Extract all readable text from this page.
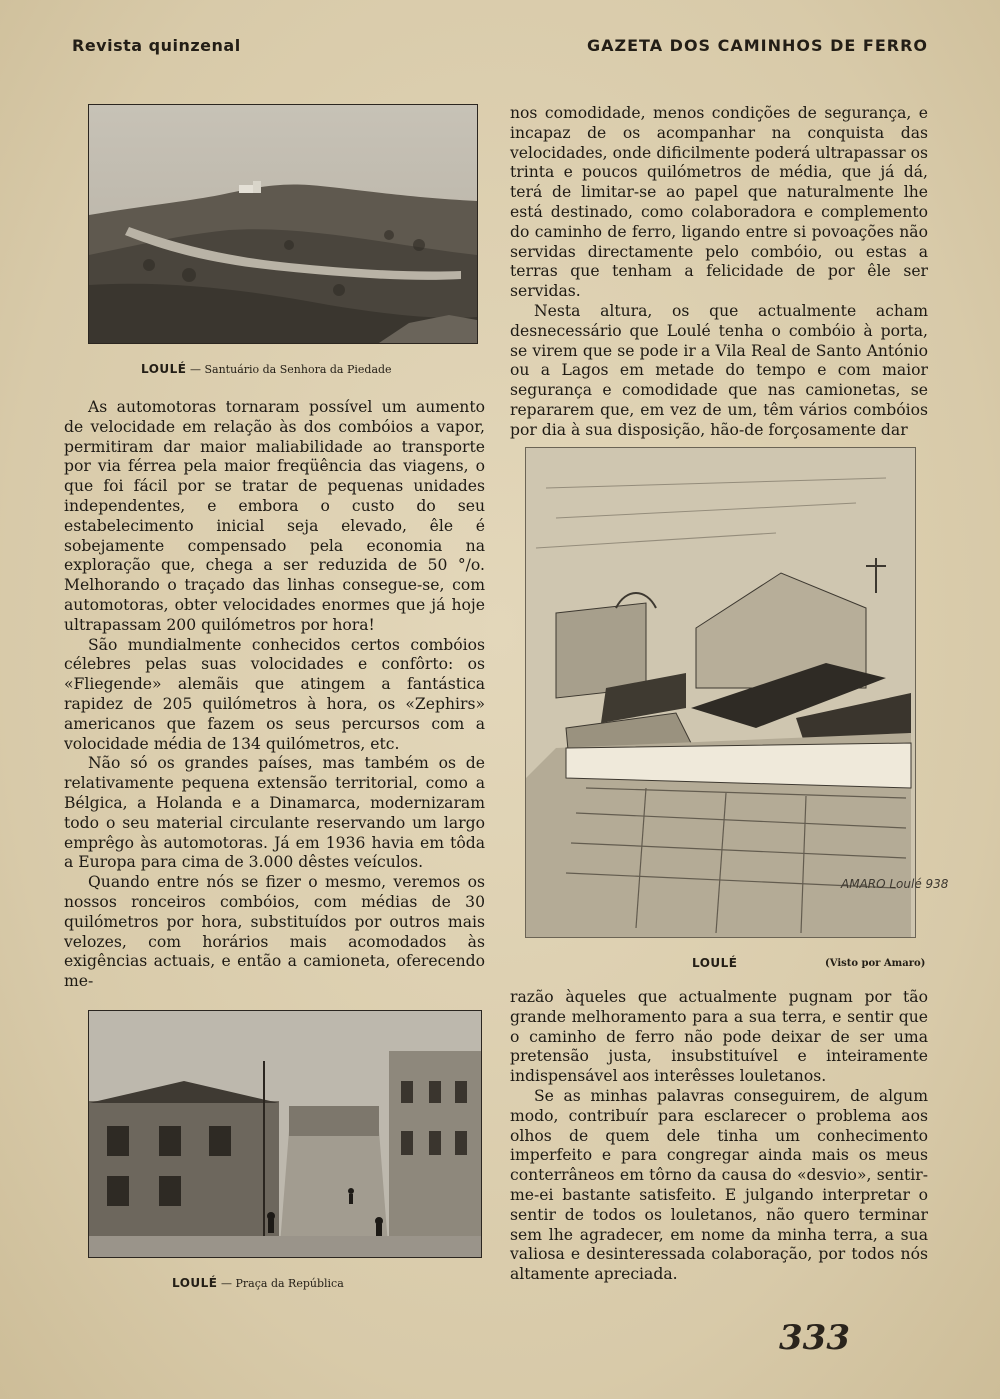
Revista quinzenal	GAZETA DOS CAMINHOS DE FERRO
LOULÉ — Santuário da Senhora da Piedade

As automotoras tornaram possível um aumento de velocidade em relação às dos combóios a vapor, permitiram dar maior maliabilidade ao transporte por via férrea pela maior freqüência das viagens, o que foi fácil por se tratar de pequenas unidades independentes, e embora o custo do seu estabelecimento inicial seja elevado, êle é sobejamente compensado pela economia na exploração que, chega a ser reduzida de 50 °/o. Melhorando o traçado das linhas consegue-se, com automotoras, obter velocidades enormes que já hoje ultrapassam 200 quilómetros por hora!

São mundialmente conhecidos certos combóios célebres pelas suas volocidades e confôrto: os «Fliegende» alemãis que atingem a fantástica rapidez de 205 quilómetros à hora, os «Zephirs» americanos que fazem os seus percursos com a volocidade média de 134 quilómetros, etc.

Não só os grandes países, mas também os de relativamente pequena extensão territorial, como a Bélgica, a Holanda e a Dinamarca, modernizaram todo o seu material circulante reservando um largo emprêgo às automotoras. Já em 1936 havia em tôda a Europa para cima de 3.000 dêstes veículos.

Quando entre nós se fizer o mesmo, veremos os nossos ronceiros combóios, com médias de 30 quilómetros por hora, substituídos por outros mais velozes, com horários mais acomodados às exigências actuais, e então a camioneta, oferecendo me-

LOULÉ — Praça da República

nos comodidade, menos condições de segurança, e incapaz de os acompanhar na conquista das velocidades, onde dificilmente poderá ultrapassar os trinta e poucos quilómetros de média, que já dá, terá de limitar-se ao papel que naturalmente lhe está destinado, como colaboradora e complemento do caminho de ferro, ligando entre si povoações não servidas directamente pelo combóio, ou estas a terras que tenham a felicidade de por êle ser servidas.

Nesta altura, os que actualmente acham desnecessário que Loulé tenha o combóio à porta, se virem que se pode ir a Vila Real de Santo António ou a Lagos em metade do tempo e com maior segurança e comodidade que nas camionetas, se repararem que, em vez de um, têm vários combóios por dia à sua disposição, hão-de forçosamente dar

AMARO Loulé 938
LOULÉ	(Visto por Amaro)

razão àqueles que actualmente pugnam por tão grande melhoramento para a sua terra, e sentir que o caminho de ferro não pode deixar de ser uma pretensão justa, insubstituível e inteiramente indispensável aos interêsses louletanos.

Se as minhas palavras conseguirem, de algum modo, contribuír para esclarecer o problema aos olhos de quem dele tinha um conhecimento imperfeito e para congregar ainda mais os meus conterrâneos em tôrno da causa do «desvio», sentir-me-ei bastante satisfeito. E julgando interpretar o sentir de todos os louletanos, não quero terminar sem lhe agradecer, em nome da minha terra, a sua valiosa e desinteressada colaboração, por todos nós altamente apreciada.

333
